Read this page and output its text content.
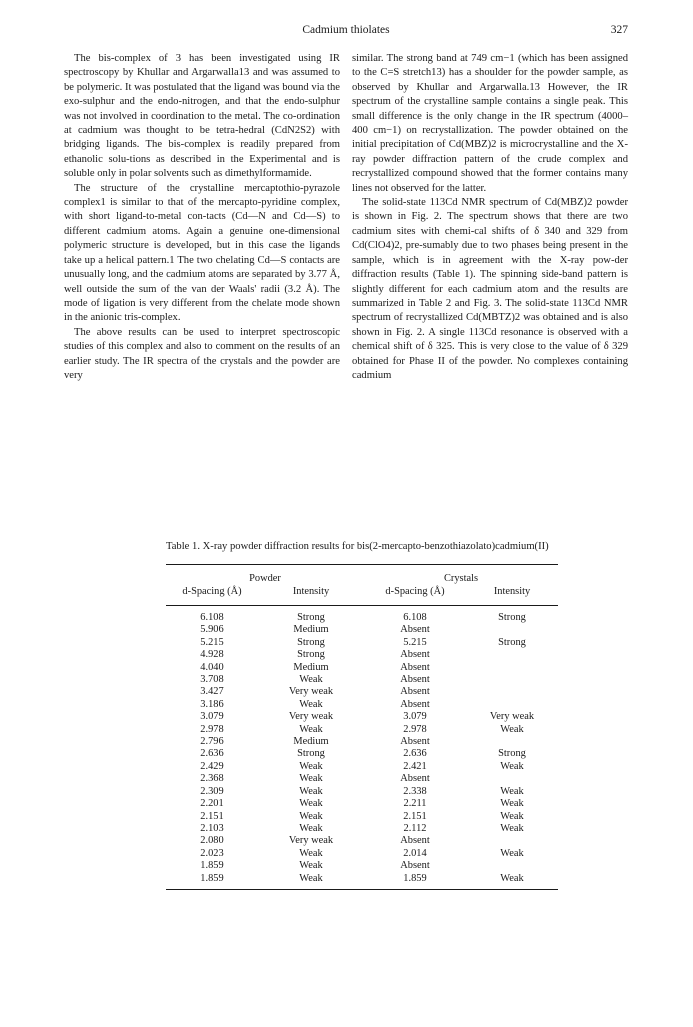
Cadmium thiolates	327

The bis-complex of 3 has been investigated using IR spectroscopy by Khullar and Argarwalla13 and was assumed to be polymeric. It was postulated that the ligand was bound via the exo-sulphur and the endo-nitrogen, and that the endo-sulphur was not involved in coordination to the metal. The co-ordination at cadmium was thought to be tetra-hedral (CdN2S2) with bridging ligands. The bis-complex is readily prepared from ethanolic solu-tions as described in the Experimental and is soluble only in polar solvents such as dimethylformamide.

The structure of the crystalline mercaptothio-pyrazole complex1 is similar to that of the mercapto-pyridine complex, with short ligand-to-metal con-tacts (Cd—N and Cd—S) to different cadmium atoms. Again a genuine one-dimensional polymeric structure is developed, but in this case the ligands take up a helical pattern.1 The two chelating Cd—S contacts are unusually long, and the cadmium atoms are separated by 3.77 Å, well outside the sum of the van der Waals' radii (3.2 Å). The mode of ligation is very different from the chelate mode shown in the anionic tris-complex.

The above results can be used to interpret spectroscopic studies of this complex and also to comment on the results of an earlier study. The IR spectra of the crystals and the powder are very

similar. The strong band at 749 cm−1 (which has been assigned to the C=S stretch13) has a shoulder for the powder sample, as observed by Khullar and Argarwalla.13 However, the IR spectrum of the crystalline sample contains a single peak. This small difference is the only change in the IR spectrum (4000–400 cm−1) on recrystallization. The powder obtained on the initial precipitation of Cd(MBZ)2 is microcrystalline and the X-ray powder diffraction pattern of the crude complex and recrystallized compound showed that the former contains many lines not observed for the latter.

The solid-state 113Cd NMR spectrum of Cd(MBZ)2 powder is shown in Fig. 2. The spectrum shows that there are two cadmium sites with chemi-cal shifts of δ 340 and 329 from Cd(ClO4)2, pre-sumably due to two phases being present in the sample, which is in agreement with the X-ray pow-der diffraction results (Table 1). The spinning side-band pattern is slightly different for each cadmium atom and the results are summarized in Table 2 and Fig. 3. The solid-state 113Cd NMR spectrum of recrystallized Cd(MBTZ)2 was obtained and is also shown in Fig. 2. A single 113Cd resonance is observed with a chemical shift of δ 325. This is very close to the value of δ 329 obtained for Phase II of the powder. No complexes containing cadmium

Table 1. X-ray powder diffraction results for bis(2-mercapto-benzothiazolato)cadmium(II)
Powder		Crystals	
d-Spacing (Å)	Intensity	d-Spacing (Å)	Intensity
6.108	Strong	6.108	Strong
5.906	Medium	Absent	
5.215	Strong	5.215	Strong
4.928	Strong	Absent	
4.040	Medium	Absent	
3.708	Weak	Absent	
3.427	Very weak	Absent	
3.186	Weak	Absent	
3.079	Very weak	3.079	Very weak
2.978	Weak	2.978	Weak
2.796	Medium	Absent	
2.636	Strong	2.636	Strong
2.429	Weak	2.421	Weak
2.368	Weak	Absent	
2.309	Weak	2.338	Weak
2.201	Weak	2.211	Weak
2.151	Weak	2.151	Weak
2.103	Weak	2.112	Weak
2.080	Very weak	Absent	
2.023	Weak	2.014	Weak
1.859	Weak	Absent	
1.859	Weak	1.859	Weak
